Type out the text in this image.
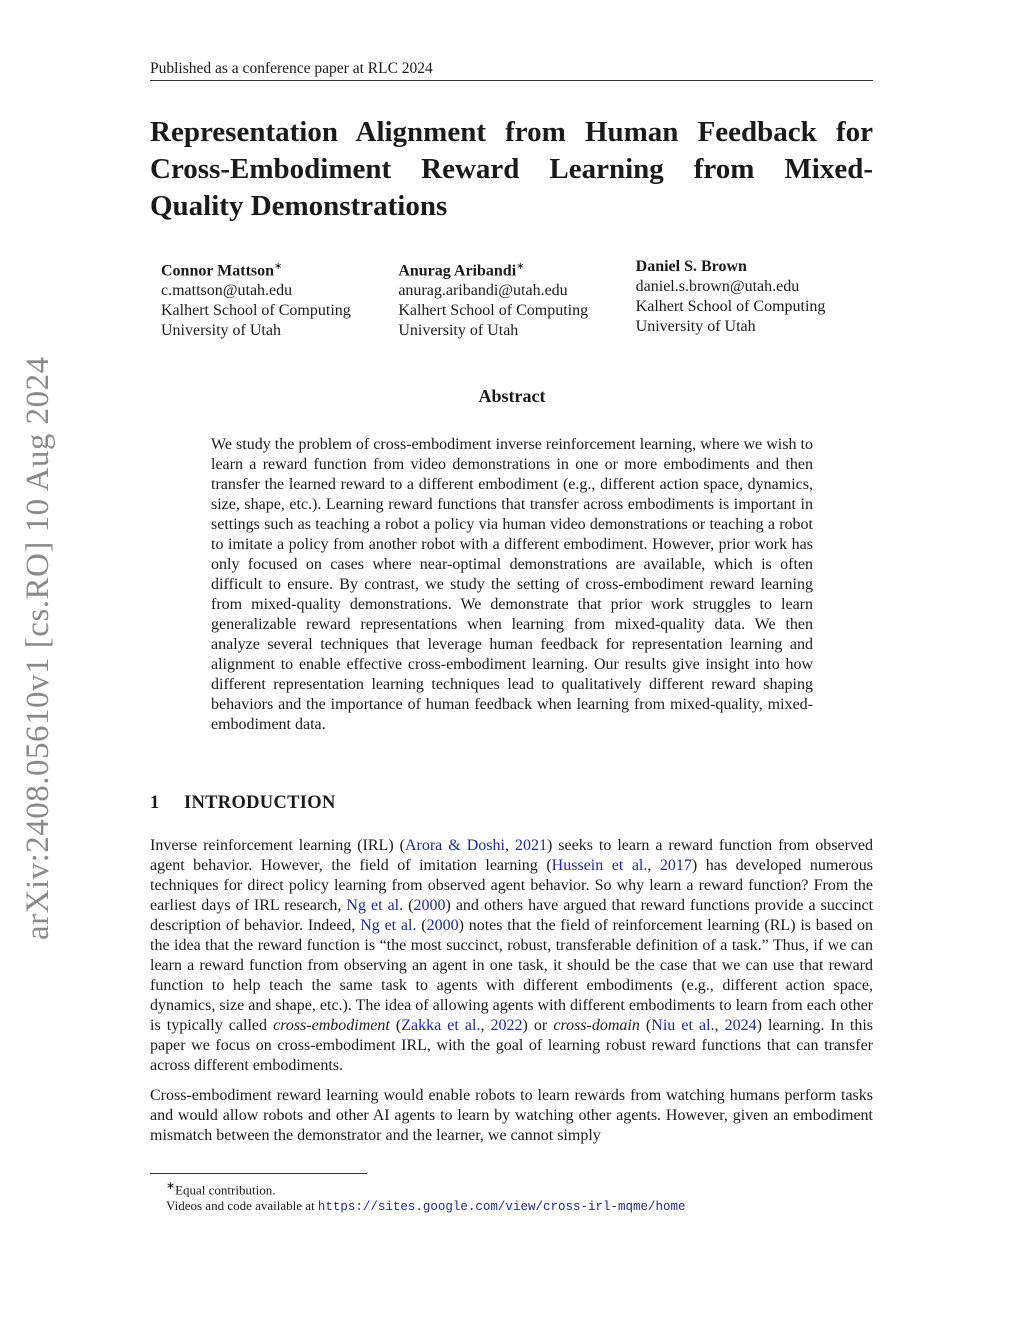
arXiv:2408.05610v1 [cs.RO] 10 Aug 2024
Published as a conference paper at RLC 2024
Representation Alignment from Human Feedback for Cross-Embodiment Reward Learning from Mixed-Quality Demonstrations
Connor Mattson∗
c.mattson@utah.edu
Kalhert School of Computing
University of Utah
Anurag Aribandi∗
anurag.aribandi@utah.edu
Kalhert School of Computing
University of Utah
Daniel S. Brown
daniel.s.brown@utah.edu
Kalhert School of Computing
University of Utah
Abstract
We study the problem of cross-embodiment inverse reinforcement learning, where we wish to learn a reward function from video demonstrations in one or more embodiments and then transfer the learned reward to a different embodiment (e.g., different action space, dynamics, size, shape, etc.). Learning reward functions that transfer across embodiments is important in settings such as teaching a robot a policy via human video demonstrations or teaching a robot to imitate a policy from another robot with a different embodiment. However, prior work has only focused on cases where near-optimal demonstrations are available, which is often difficult to ensure. By contrast, we study the setting of cross-embodiment reward learning from mixed-quality demonstrations. We demonstrate that prior work struggles to learn generalizable reward representations when learning from mixed-quality data. We then analyze several techniques that leverage human feedback for representation learning and alignment to enable effective cross-embodiment learning. Our results give insight into how different representation learning techniques lead to qualitatively different reward shaping behaviors and the importance of human feedback when learning from mixed-quality, mixed-embodiment data.
1 INTRODUCTION

Inverse reinforcement learning (IRL) (Arora & Doshi, 2021) seeks to learn a reward function from observed agent behavior. However, the field of imitation learning (Hussein et al., 2017) has developed numerous techniques for direct policy learning from observed agent behavior. So why learn a reward function? From the earliest days of IRL research, Ng et al. (2000) and others have argued that reward functions provide a succinct description of behavior. Indeed, Ng et al. (2000) notes that the field of reinforcement learning (RL) is based on the idea that the reward function is “the most succinct, robust, transferable definition of a task.” Thus, if we can learn a reward function from observing an agent in one task, it should be the case that we can use that reward function to help teach the same task to agents with different embodiments (e.g., different action space, dynamics, size and shape, etc.). The idea of allowing agents with different embodiments to learn from each other is typically called cross-embodiment (Zakka et al., 2022) or cross-domain (Niu et al., 2024) learning. In this paper we focus on cross-embodiment IRL, with the goal of learning robust reward functions that can transfer across different embodiments.

Cross-embodiment reward learning would enable robots to learn rewards from watching humans perform tasks and would allow robots and other AI agents to learn by watching other agents. However, given an embodiment mismatch between the demonstrator and the learner, we cannot simply

∗Equal contribution.
Videos and code available at https://sites.google.com/view/cross-irl-mqme/home
